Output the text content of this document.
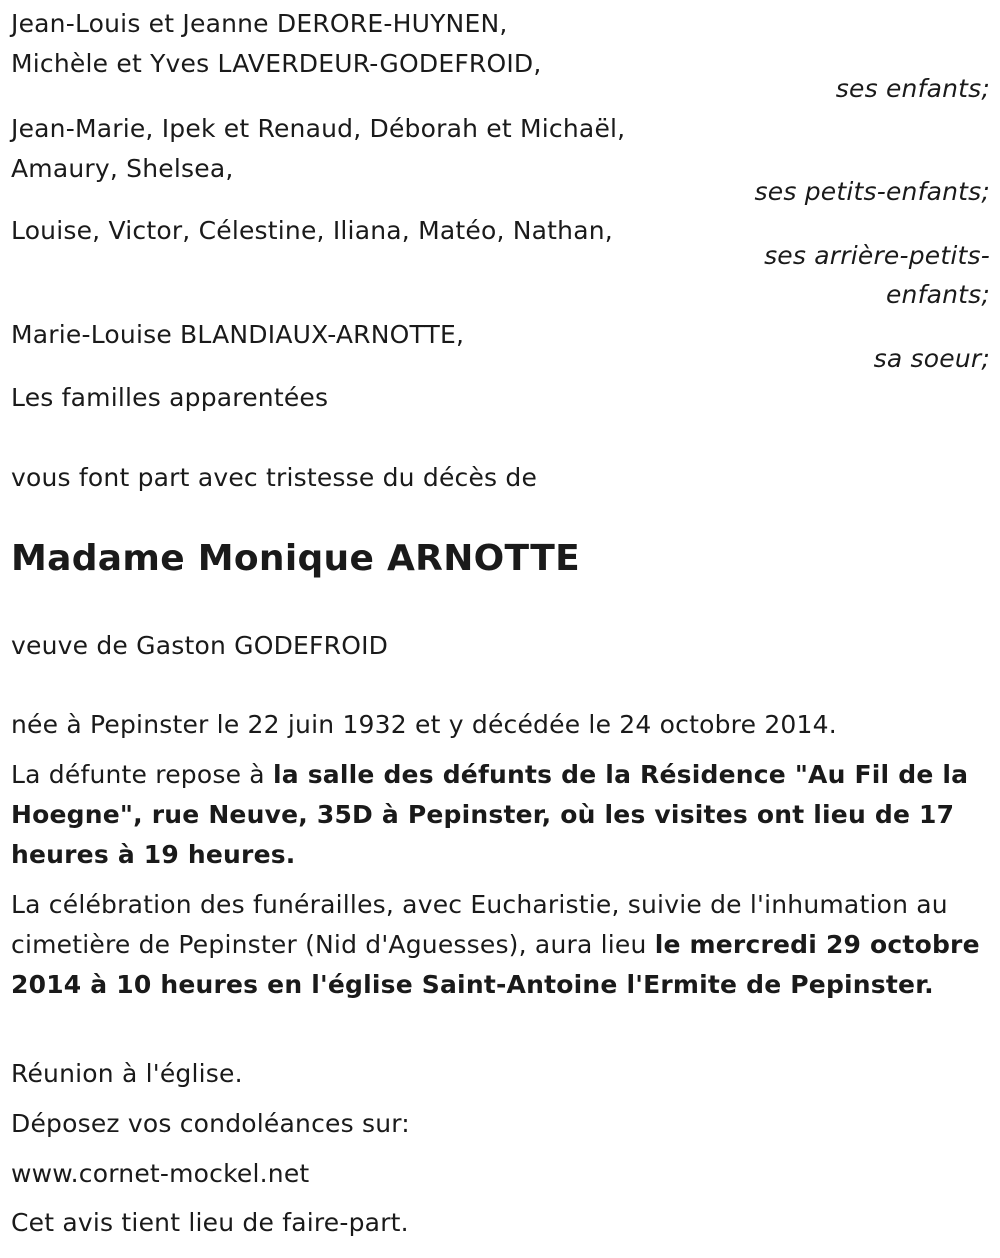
Jean-Louis et Jeanne DERORE-HUYNEN,
Michèle et Yves LAVERDEUR-GODEFROID,
ses enfants;
Jean-Marie, Ipek et Renaud, Déborah et Michaël,
Amaury, Shelsea,
ses petits-enfants;
Louise, Victor, Célestine, Iliana, Matéo, Nathan,
ses arrière-petits-
enfants;
Marie-Louise BLANDIAUX-ARNOTTE,
sa soeur;
Les familles apparentées
vous font part avec tristesse du décès de
Madame Monique ARNOTTE
veuve de Gaston GODEFROID
née à Pepinster le 22 juin 1932 et y décédée le 24 octobre 2014.
La défunte repose à la salle des défunts de la Résidence "Au Fil de la Hoegne", rue Neuve, 35D à Pepinster, où les visites ont lieu de 17 heures à 19 heures.
La célébration des funérailles, avec Eucharistie, suivie de l'inhumation au cimetière de Pepinster (Nid d'Aguesses), aura lieu le mercredi 29 octobre 2014 à 10 heures en l'église Saint-Antoine l'Ermite de Pepinster.
Réunion à l'église.
Déposez vos condoléances sur:
www.cornet-mockel.net
Cet avis tient lieu de faire-part.
